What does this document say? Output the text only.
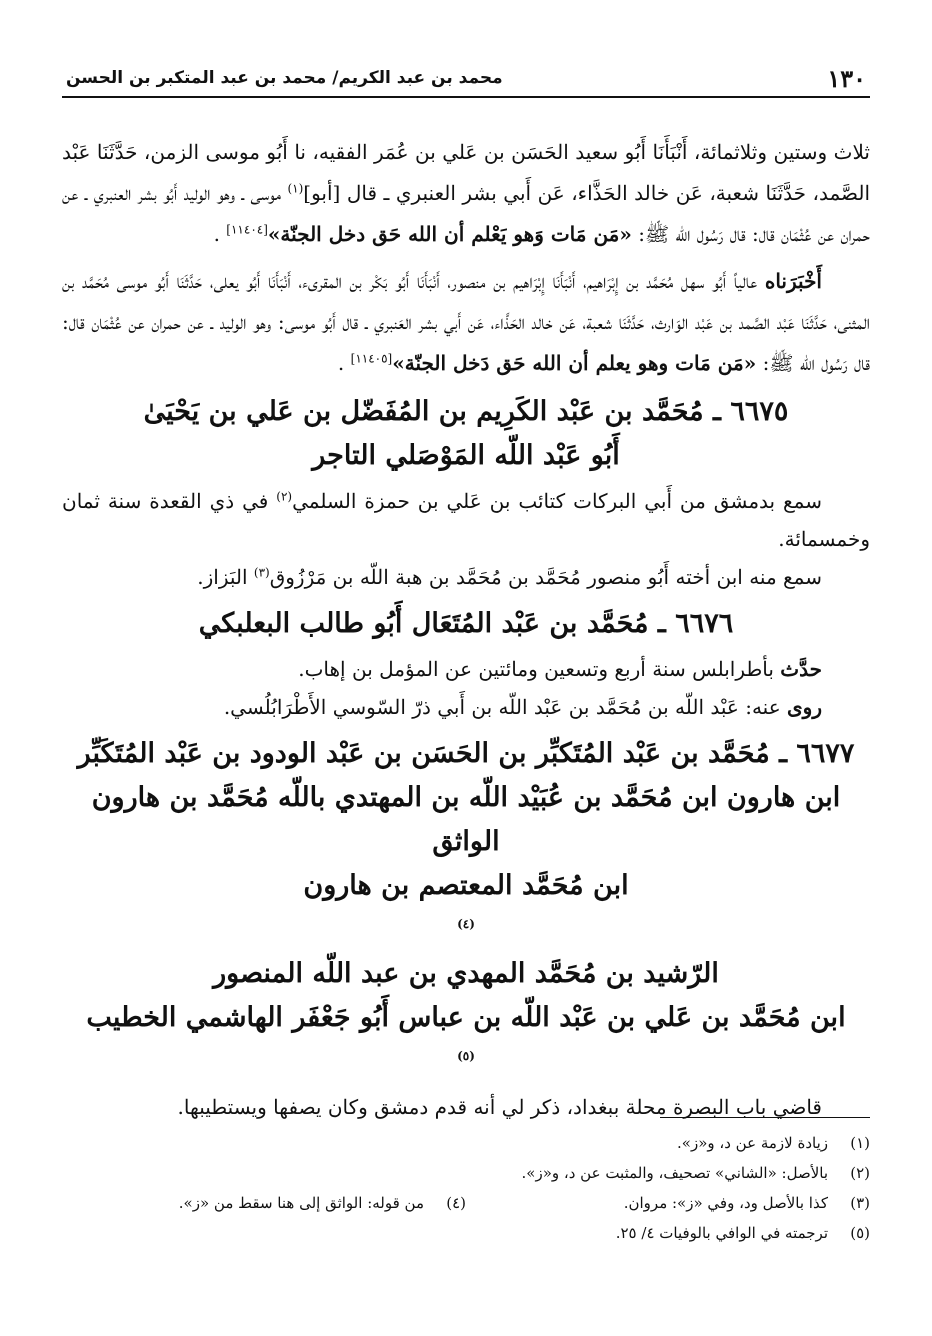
١٣٠
محمد بن عبد الكريم/ محمد بن عبد المتكبر بن الحسن

ثلاث وستين وثلاثمائة، أَنْبَأَنَا أَبُو سعيد الحَسَن بن عَلي بن عُمَر الفقيه، نا أَبُو موسى الزمن، حَدَّثَنَا عَبْد الصَّمد، حَدَّثَنَا شعبة، عَن خالد الحَذَّاء، عَن أَبي بشر العنبري ـ قال [أبو]$^{(١)}$ موسى ـ وهو الوليد أَبُو بشر العنبري ـ عن حمران عن عُثْمَان قال: قال رَسُول الله ﷺ: «مَن مَات وَهو يَعْلم أن الله حَق دخل الجنّة»[١١٤٠٤] .

أَخْبَرَناه عالياً أَبُو سهل مُحَمَّد بن إِبْرَاهيم، أَنْبَأَنَا إِبْرَاهيم بن منصور، أَنْبَأَنَا أَبُو بَكْر بن المقرىء، أَنْبَأَنَا أَبُو يعلى، حَدَّثَنَا أَبُو موسى مُحَمَّد بن المثنى، حَدَّثَنَا عَبْد الصَّمد بن عَبْد الوَارث، حَدَّثَنَا شعبة، عَن خالد الحَذَّاء، عَن أَبي بشر العَنبري ـ قال أَبُو موسى: وهو الوليد ـ عن حمران عن عُثْمَان قال: قال رَسُول الله ﷺ: «مَن مَات وهو يعلم أن الله حَق دَخل الجنّة»[١١٤٠٥] .

٦٦٧٥ ـ مُحَمَّد بن عَبْد الكَرِيم بن المُفَضّل بن عَلي بن يَحْيَىٰ
أَبُو عَبْد اللّه المَوْصَلي التاجر

سمع بدمشق من أَبي البركات كتائب بن عَلي بن حمزة السلمي$^{(٢)}$ في ذي القعدة سنة ثمان وخمسمائة.

سمع منه ابن أخته أَبُو منصور مُحَمَّد بن مُحَمَّد بن هبة اللّه بن مَرْزُوق$^{(٣)}$ البَزاز.

٦٦٧٦ ـ مُحَمَّد بن عَبْد المُتَعَال أَبُو طالب البعلبكي

حدَّث بأطرابلس سنة أربع وتسعين ومائتين عن المؤمل بن إهاب.

روى عنه: عَبْد اللّه بن مُحَمَّد بن عَبْد اللّه بن أَبي ذرّ السّوسي الأَطْرَابُلُسي.

٦٦٧٧ ـ مُحَمَّد بن عَبْد المُتَكبِّر بن الحَسَن بن عَبْد الودود بن عَبْد المُتَكَبِّر
ابن هارون ابن مُحَمَّد بن عُبَيْد اللّه بن المهتدي باللّه مُحَمَّد بن هارون الواثق
ابن مُحَمَّد المعتصم بن هارون
$^{(٤)}$
الرّشيد بن مُحَمَّد المهدي بن عبد اللّه المنصور
ابن مُحَمَّد بن عَلي بن عَبْد اللّه بن عباس أَبُو جَعْفَر الهاشمي الخطيب
$^{(٥)}$

قاضي باب البصرة محلة ببغداد، ذكر لي أنه قدم دمشق وكان يصفها ويستطيبها.

(١)
زيادة لازمة عن د، و«ز».
(٢)
بالأصل: «الشاني» تصحيف، والمثبت عن د، و«ز».
(٣)
كذا بالأصل ود، وفي «ز»: مروان.
(٤)
من قوله: الواثق إلى هنا سقط من «ز».
(٥)
ترجمته في الوافي بالوفيات ٤/ ٢٥.
